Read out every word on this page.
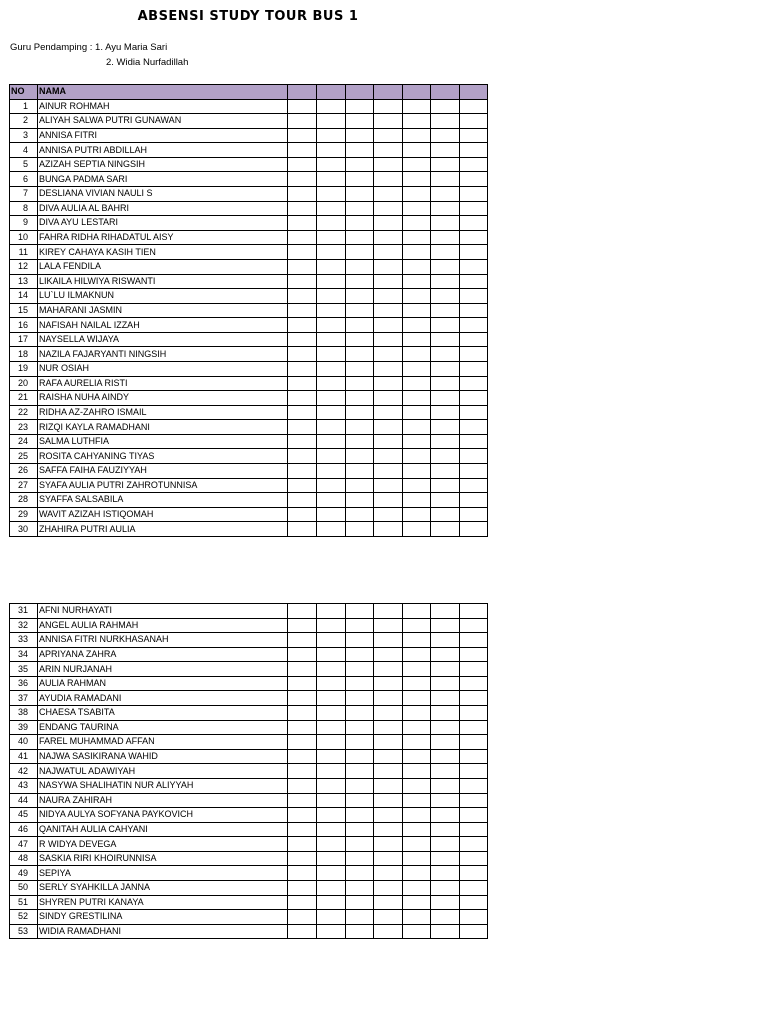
ABSENSI STUDY TOUR BUS 1
Guru Pendamping : 1. Ayu Maria Sari
2. Widia Nurfadillah
NO	NAMA							
1	AINUR ROHMAH							
2	ALIYAH SALWA PUTRI GUNAWAN							
3	ANNISA FITRI							
4	ANNISA PUTRI ABDILLAH							
5	AZIZAH SEPTIA NINGSIH							
6	BUNGA PADMA SARI							
7	DESLIANA VIVIAN NAULI S							
8	DIVA AULIA AL BAHRI							
9	DIVA AYU LESTARI							
10	FAHRA RIDHA RIHADATUL AISY							
11	KIREY CAHAYA KASIH TIEN							
12	LALA FENDILA							
13	LIKAILA HILWIYA RISWANTI							
14	LU`LU ILMAKNUN							
15	MAHARANI JASMIN							
16	NAFISAH NAILAL IZZAH							
17	NAYSELLA WIJAYA							
18	NAZILA FAJARYANTI NINGSIH							
19	NUR OSIAH							
20	RAFA AURELIA RISTI							
21	RAISHA NUHA AINDY							
22	RIDHA AZ-ZAHRO ISMAIL							
23	RIZQI KAYLA RAMADHANI							
24	SALMA LUTHFIA							
25	ROSITA CAHYANING TIYAS							
26	SAFFA FAIHA FAUZIYYAH							
27	SYAFA AULIA PUTRI ZAHROTUNNISA							
28	SYAFFA SALSABILA							
29	WAVIT AZIZAH ISTIQOMAH							
30	ZHAHIRA PUTRI AULIA							
31	AFNI NURHAYATI							
32	ANGEL AULIA RAHMAH							
33	ANNISA FITRI NURKHASANAH							
34	APRIYANA ZAHRA							
35	ARIN NURJANAH							
36	AULIA RAHMAN							
37	AYUDIA RAMADANI							
38	CHAESA TSABITA							
39	ENDANG TAURINA							
40	FAREL MUHAMMAD AFFAN							
41	NAJWA SASIKIRANA WAHID							
42	NAJWATUL ADAWIYAH							
43	NASYWA SHALIHATIN NUR ALIYYAH							
44	NAURA ZAHIRAH							
45	NIDYA AULYA SOFYANA PAYKOVICH							
46	QANITAH AULIA CAHYANI							
47	R WIDYA DEVEGA							
48	SASKIA RIRI KHOIRUNNISA							
49	SEPIYA							
50	SERLY SYAHKILLA JANNA							
51	SHYREN PUTRI KANAYA							
52	SINDY GRESTILINA							
53	WIDIA RAMADHANI							
